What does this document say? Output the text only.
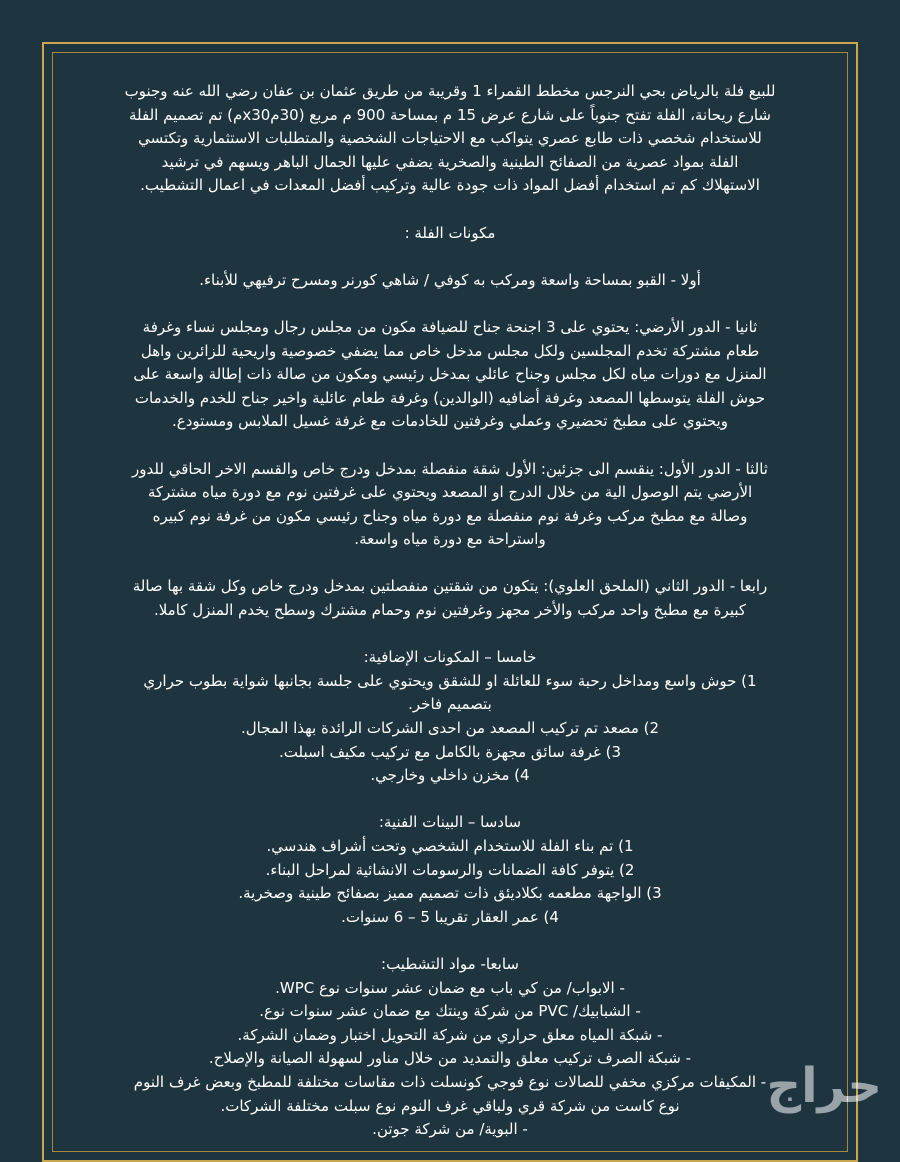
للبيع فلة بالرياض بحي النرجس مخطط القمراء 1 وقريبة من طريق عثمان بن عفان رضي الله عنه وجنوب
شارع ريحانة، الفلة تفتح جنوباً على شارع عرض 15 م بمساحة 900 م مربع (30مx30م) تم تصميم الفلة
للاستخدام شخصي ذات طابع عصري يتواكب مع الاحتياجات الشخصية والمتطلبات الاستثمارية وتكتسي
الفلة بمواد عصرية من الصفائح الطينية والصخرية يضفي عليها الجمال الباهر ويسهم في ترشيد
الاستهلاك كم تم استخدام أفضل المواد ذات جودة عالية وتركيب أفضل المعدات في اعمال التشطيب.
مكونات الفلة :
أولا - القبو بمساحة واسعة ومركب به كوفي / شاهي كورنر ومسرح ترفيهي للأبناء.
ثانيا - الدور الأرضي: يحتوي على 3 اجنحة جناح للضيافة مكون من مجلس رجال ومجلس نساء وغرفة
طعام مشتركة تخدم المجلسين ولكل مجلس مدخل خاص مما يضفي خصوصية واريحية للزائرين واهل
المنزل مع دورات مياه لكل مجلس وجناح عائلي بمدخل رئيسي ومكون من صالة ذات إطالة واسعة على
حوش الفلة يتوسطها المصعد وغرفة أضافيه (الوالدين) وغرفة طعام عائلية واخير جناح للخدم والخدمات
ويحتوي على مطبخ تحضيري وعملي وغرفتين للخادمات مع غرفة غسيل الملابس ومستودع.
ثالثا - الدور الأول: ينقسم الى جزئين: الأول شقة منفصلة بمدخل ودرج خاص والقسم الاخر الحاقي للدور
الأرضي يتم الوصول الية من خلال الدرج او المصعد ويحتوي على غرفتين نوم مع دورة مياه مشتركة
وصالة مع مطبخ مركب وغرفة نوم منفصلة مع دورة مياه وجناح رئيسي مكون من غرفة نوم كبيره
واستراحة مع دورة مياه واسعة.
رابعا - الدور الثاني (الملحق العلوي): يتكون من شقتين منفصلتين بمدخل ودرج خاص وكل شقة بها صالة
كبيرة مع مطبخ واحد مركب والأخر مجهز وغرفتين نوم وحمام مشترك وسطح يخدم المنزل كاملا.
خامسا – المكونات الإضافية:
1) حوش واسع ومداخل رحبة سوء للعائلة او للشقق ويحتوي على جلسة بجانبها شواية بطوب حراري
بتصميم فاخر.
2) مصعد تم تركيب المصعد من احدى الشركات الرائدة بهذا المجال.
3) غرفة سائق مجهزة بالكامل مع تركيب مكيف اسبلت.
4) مخزن داخلي وخارجي.
سادسا – البينات الفنية:
1) تم بناء الفلة للاستخدام الشخصي وتحت أشراف هندسي.
2) يتوفر كافة الضمانات والرسومات الانشائية لمراحل البناء.
3) الواجهة مطعمه بكلاديئق ذات تصميم مميز بصفائح طينية وصخرية.
4) عمر العقار تقريبا 5 – 6 سنوات.
سابعا- مواد التشطيب:
- الابواب/ من كي باب مع ضمان عشر سنوات نوع WPC.
- الشبابيك/ PVC من شركة وينتك مع ضمان عشر سنوات نوع.
- شبكة المياه معلق حراري من شركة التحويل اختبار وضمان الشركة.
- شبكة الصرف تركيب معلق والتمديد من خلال مناور لسهولة الصيانة والإصلاح.
- المكيفات مركزي مخفي للصالات نوع فوجي كونسلت ذات مقاسات مختلفة للمطبخ وبعض غرف النوم
نوع كاست من شركة قري ولباقي غرف النوم نوع سبلت مختلفة الشركات.
- البوية/ من شركة جوتن.
حراج
